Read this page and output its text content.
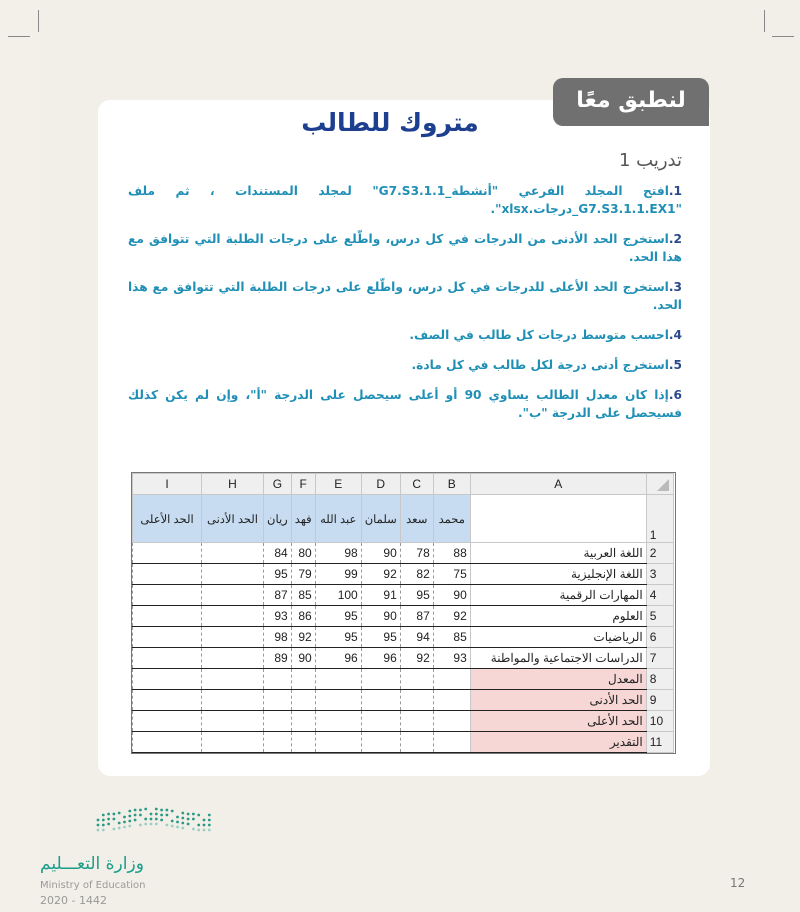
لنطبق معًا
متروك للطالب
تدريب 1
1.افتح المجلد الفرعي "أنشطة_G7.S3.1.1" لمجلد المستندات ، ثم ملف "G7.S3.1.1.EX1_درجات.xlsx".
2.استخرج الحد الأدنى من الدرجات في كل درس، واطّلع على درجات الطلبة التي تتوافق مع هذا الحد.
3.استخرج الحد الأعلى للدرجات في كل درس، واطّلع على درجات الطلبة التي تتوافق مع هذا الحد.
4.احسب متوسط درجات كل طالب في الصف.
5.استخرج أدنى درجة لكل طالب في كل مادة.
6.إذا كان معدل الطالب يساوي 90 أو أعلى سيحصل على الدرجة "أ"، وإن لم يكن كذلك فسيحصل على الدرجة "ب".
I	H	G	F	E	D	C	B	A	

الحد الأعلى	الحد الأدنى	ريان	فهد	عبد الله	سلمان	سعد	محمد		1
		84	80	98	90	78	88	اللغة العربية	2
		95	79	99	92	82	75	اللغة الإنجليزية	3
		87	85	100	91	95	90	المهارات الرقمية	4
		93	86	95	90	87	92	العلوم	5
		98	92	95	95	94	85	الرياضيات	6
		89	90	96	96	92	93	الدراسات الاجتماعية والمواطنة	7
								المعدل	8
								الحد الأدنى	9
								الحد الأعلى	10
								التقدير	11
وزارة التعـــليم
Ministry of Education
2020 - 1442
12
